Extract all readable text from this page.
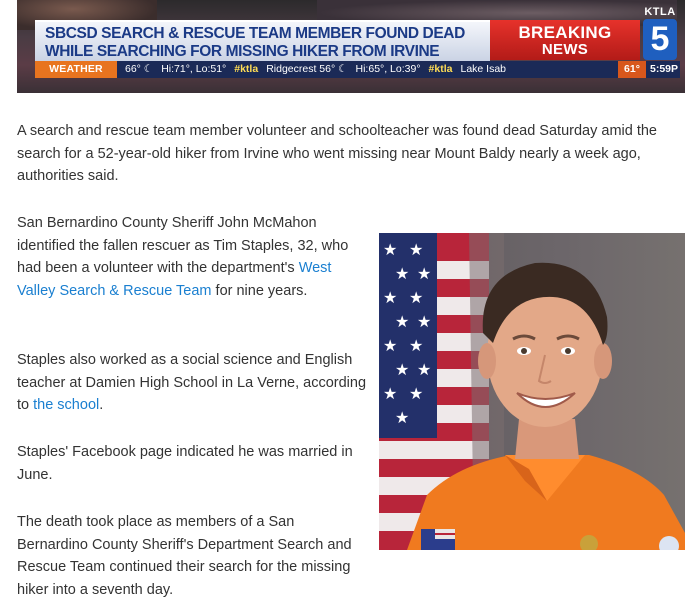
SBCSD SEARCH & RESCUE TEAM MEMBER FOUND DEAD
WHILE SEARCHING FOR MISSING HIKER FROM IRVINE
BREAKING
NEWS
KTLA
5
WEATHER	66° ☾ Hi:71°, Lo:51° #ktla Ridgecrest 56° ☾ Hi:65°, Lo:39° #ktla Lake Isab	61° 5:59P

A search and rescue team member volunteer and schoolteacher was found dead Saturday amid the search for a 52-year-old hiker from Irvine who went missing near Mount Baldy nearly a week ago, authorities said.

San Bernardino County Sheriff John McMahon identified the fallen rescuer as Tim Staples, 32, who had been a volunteer with the department's West Valley Search & Rescue Team for nine years.

Staples also worked as a social science and English teacher at Damien High School in La Verne, according to the school.

Staples' Facebook page indicated he was married in June.

The death took place as members of a San Bernardino County Sheriff's Department Search and Rescue Team continued their search for the missing hiker into a seventh day.

★ ★
★ ★
★ ★
★ ★
★ ★
★ ★
★ ★
★
